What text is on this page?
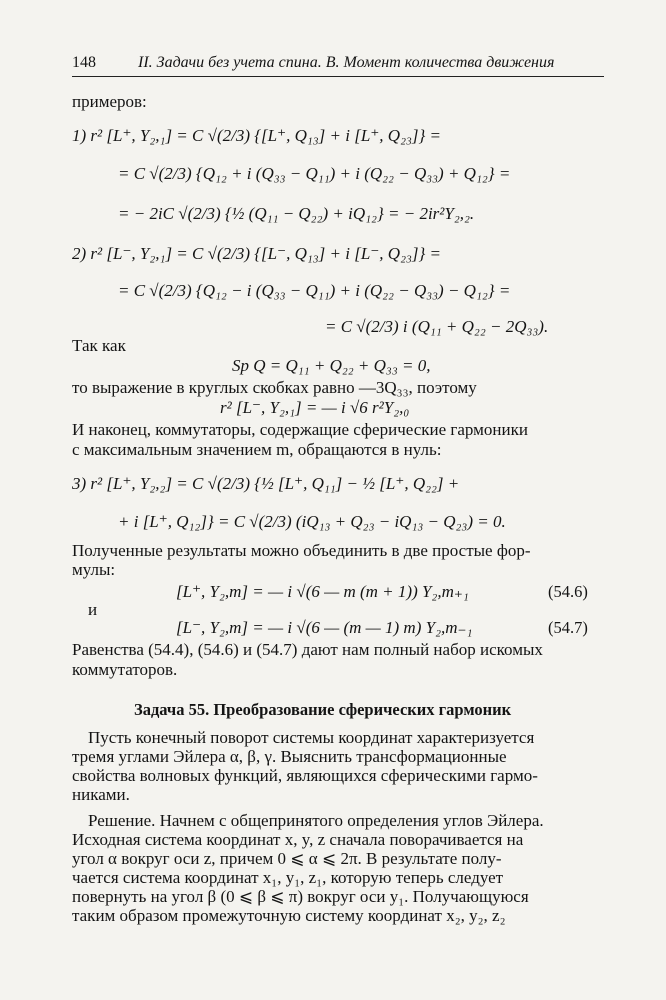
148	II. Задачи без учета спина. В. Момент количества движения
примеров:
1) r² [L⁺, Y₂,₁] = C √(2/3) {[L⁺, Q₁₃] + i [L⁺, Q₂₃]} =
= C √(2/3) {Q₁₂ + i (Q₃₃ − Q₁₁) + i (Q₂₂ − Q₃₃) + Q₁₂} =
= − 2iC √(2/3) {½ (Q₁₁ − Q₂₂) + iQ₁₂} = − 2ir²Y₂,₂.
2) r² [L⁻, Y₂,₁] = C √(2/3) {[L⁻, Q₁₃] + i [L⁻, Q₂₃]} =
= C √(2/3) {Q₁₂ − i (Q₃₃ − Q₁₁) + i (Q₂₂ − Q₃₃) − Q₁₂} =
= C √(2/3) i (Q₁₁ + Q₂₂ − 2Q₃₃).
Так как
Sp Q = Q₁₁ + Q₂₂ + Q₃₃ = 0,
то выражение в круглых скобках равно —3Q₃₃, поэтому
r² [L⁻, Y₂,₁] = — i √6 r²Y₂,₀
И наконец, коммутаторы, содержащие сферические гармоники
с максимальным значением m, обращаются в нуль:
3) r² [L⁺, Y₂,₂] = C √(2/3) {½ [L⁺, Q₁₁] − ½ [L⁺, Q₂₂] +
+ i [L⁺, Q₁₂]} = C √(2/3) (iQ₁₃ + Q₂₃ − iQ₁₃ − Q₂₃) = 0.
Полученные результаты можно объединить в две простые фор-
мулы:
[L⁺, Y₂,m] = — i √(6 — m (m + 1)) Y₂,m₊₁	(54.6)
и
[L⁻, Y₂,m] = — i √(6 — (m — 1) m) Y₂,m₋₁	(54.7)
Равенства (54.4), (54.6) и (54.7) дают нам полный набор искомых
коммутаторов.
Задача 55. Преобразование сферических гармоник
Пусть конечный поворот системы координат характеризуется
тремя углами Эйлера α, β, γ. Выяснить трансформационные
свойства волновых функций, являющихся сферическими гармо-
никами.
Решение. Начнем с общепринятого определения углов Эйлера.
Исходная система координат x, y, z сначала поворачивается на
угол α вокруг оси z, причем 0 ⩽ α ⩽ 2π. В результате полу-
чается система координат x₁, y₁, z₁, которую теперь следует
повернуть на угол β (0 ⩽ β ⩽ π) вокруг оси y₁. Получающуюся
таким образом промежуточную систему координат x₂, y₂, z₂
